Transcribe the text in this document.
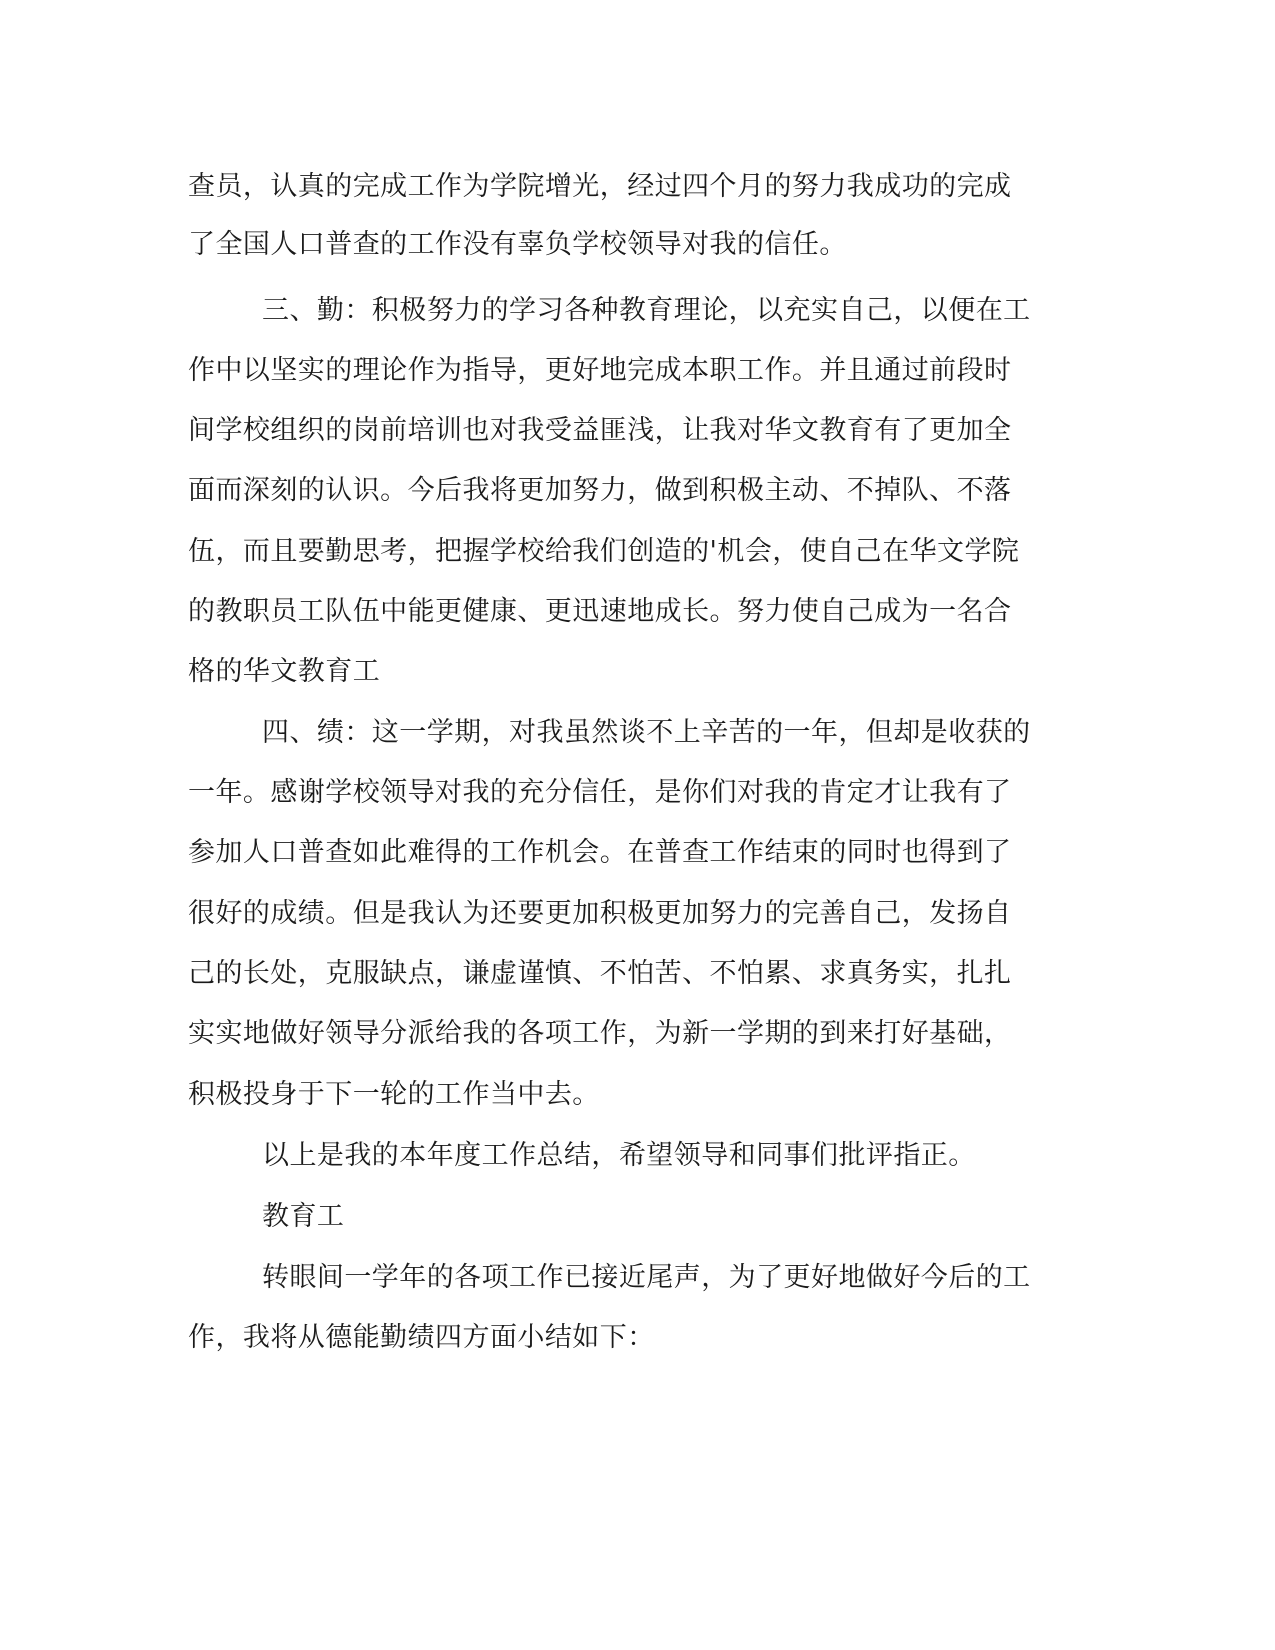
查员，认真的完成工作为学院增光，经过四个月的努力我成功的完成
了全国人口普查的工作没有辜负学校领导对我的信任。
三、勤：积极努力的学习各种教育理论，以充实自己，以便在工
作中以坚实的理论作为指导，更好地完成本职工作。并且通过前段时
间学校组织的岗前培训也对我受益匪浅，让我对华文教育有了更加全
面而深刻的认识。今后我将更加努力，做到积极主动、不掉队、不落
伍，而且要勤思考，把握学校给我们创造的'机会，使自己在华文学院
的教职员工队伍中能更健康、更迅速地成长。努力使自己成为一名合
格的华文教育工
四、绩：这一学期，对我虽然谈不上辛苦的一年，但却是收获的
一年。感谢学校领导对我的充分信任，是你们对我的肯定才让我有了
参加人口普查如此难得的工作机会。在普查工作结束的同时也得到了
很好的成绩。但是我认为还要更加积极更加努力的完善自己，发扬自
己的长处，克服缺点，谦虚谨慎、不怕苦、不怕累、求真务实，扎扎
实实地做好领导分派给我的各项工作，为新一学期的到来打好基础，
积极投身于下一轮的工作当中去。
以上是我的本年度工作总结，希望领导和同事们批评指正。
教育工
转眼间一学年的各项工作已接近尾声，为了更好地做好今后的工
作，我将从德能勤绩四方面小结如下：
